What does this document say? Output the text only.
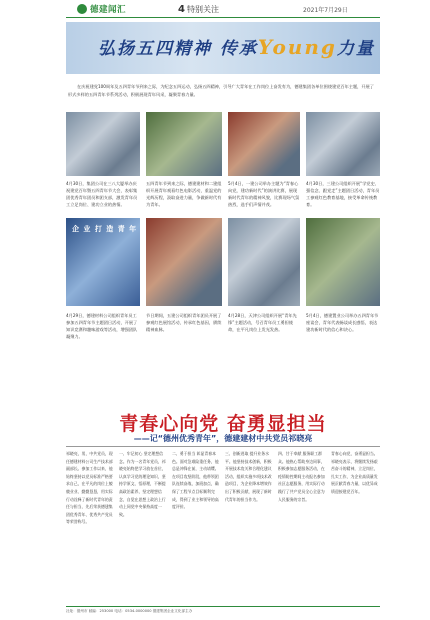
德建闻汇	4 特别关注	2021年7月29日
弘扬五四精神 传承Young力量
在庆祝建党100周年及五四青年节到来之际，为纪念五四运动，弘扬五四精神，引导广大青年在工作岗位上奋发有为，德建集团各单位围绕建党百年主题，开展了形式多样的五四青年节系列活动，积极展现青年风采，凝聚青春力量。
4月30日，集团公司在三八大厦举办庆祝建党百年暨五四青年节大会，表彰集团优秀青年团员和团支部，激发青年员工立足岗位、建功立业的热情。
五四青年节到来之际，德建建材和二建组织开展青年观看红色电影活动，重温党的光辉历程，汲取奋进力量，争做新时代有为青年。
5月4日，一建公司举办主题为“青春心向党，建功新时代”的演讲比赛，展现新时代青年的精神风貌，比赛现场气氛热烈，选手们声情并茂。
4月30日，三建公司组织开展“学党史、强信念、跟党走”主题团日活动，青年员工参观红色教育基地，接受革命传统教育。
企 业 打 造 青 年
4月29日，德建材料公司组织青年员工参加五四青年节主题团日活动，开展了知识竞赛和趣味游戏等活动，增强团队凝聚力。
节日期间，五建公司组织青年团员开展了参观红色展馆活动，传承红色基因，赓续精神血脉。
4月28日，天津公司组织开展“青年先锋”主题活动，号召青年员工勇担使命，在平凡岗位上发光发热。
5月4日，德建置业公司举办五四青年节座谈会，青年代表畅谈成长感悟，表达建功新时代的信心和决心。
青春心向党 奋勇显担当
——记“德州优秀青年”，德建建材中共党员祁晓亮
祁晓亮，男，中共党员，现任德建材料公司生产技术部副部长。参加工作以来，他始终坚持以党员标准严格要求自己，在平凡的岗位上兢兢业业、勤勤恳恳，用实际行动诠释了新时代青年的责任与担当，先后荣获德建集团优秀青年、优秀共产党员等荣誉称号。
一、牢记初心 坚定理想信念。作为一名青年党员，祁晓亮始终把学习放在首位，认真学习党的理论知识，坚持学原文、悟原理，不断提高政治素养，坚定理想信念，自觉在思想上政治上行动上同党中央保持高度一致。
二、勇于担当 彰显青春本色。面对急难险重任务，他总是冲锋在前，主动请缨。在项目攻坚阶段，他带领团队连续奋战，加班加点，确保了工程节点目标顺利完成，得到了业主和领导的高度评价。
三、创新进取 提升业务水平。他坚持技术创新，积极开展技术攻关和合理化建议活动，组织实施多项技术改造项目，为企业降本增效作出了积极贡献，展现了新时代青年的担当作为。
四、甘于奉献 服务职工群众。他热心帮助身边同事，积极参加志愿服务活动，在疫情防控期间主动报名参加社区志愿服务，用实际行动践行了共产党员全心全意为人民服务的宗旨。
青春心向党，奋勇显担当。祁晓亮表示，将继续发扬艰苦奋斗的精神，立足岗位，扎实工作，为企业高质量发展贡献青春力量，以优异成绩迎接建党百年。
社址：德州市 邮编：253000 电话：0534-0000000 德建集团企业文化部主办
